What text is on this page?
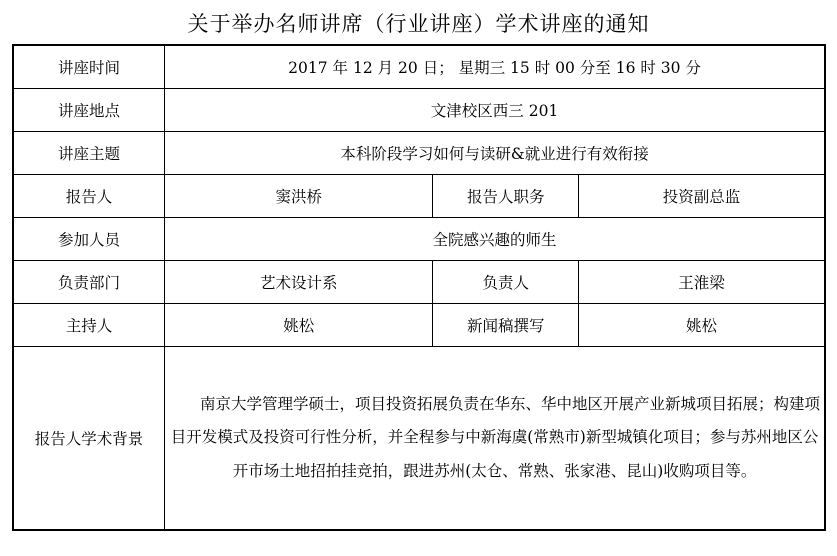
关于举办名师讲席（行业讲座）学术讲座的通知
讲座时间	2017 年 12 月 20 日； 星期三 15 时 00 分至 16 时 30 分		
讲座地点	文津校区西三 201		
讲座主题	本科阶段学习如何与读研&就业进行有效衔接		
报告人	窦洪桥	报告人职务	投资副总监
参加人员	全院感兴趣的师生		
负责部门	艺术设计系	负责人	王淮梁
主持人	姚松	新闻稿撰写	姚松
报告人学术背景	南京大学管理学硕士，项目投资拓展负责在华东、华中地区开展产业新城项目拓展；构建项目开发模式及投资可行性分析，并全程参与中新海虞(常熟市)新型城镇化项目；参与苏州地区公开市场土地招拍挂竞拍，跟进苏州(太仓、常熟、张家港、昆山)收购项目等。		
